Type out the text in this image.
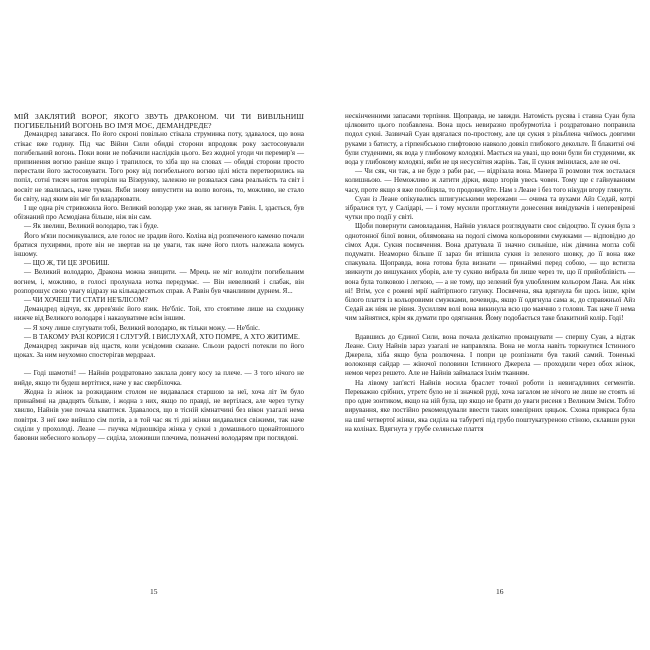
МІЙ ЗАКЛЯТИЙ ВОРОГ, ЯКОГО ЗВУТЬ ДРАКОНОМ. ЧИ ТИ ВИВІЛЬНИШ ПОГИБЕЛЬНИЙ ВОГОНЬ ВО ІМ'Я МОЄ, ДЕМАНДРЕДЕ?

Демандред завагався. По його скроні повільно стікала струминка поту, здавалося, що вона стікає вже годину. Під час Війни Сили обидві сторони впродовж року застосовували погибельний вогонь. Поки вони не побачили наслідків цього. Без жодної угоди чи перемир'я — припинення вогню раніше якщо і трапилося, то хіба що на словах — обидві сторони просто перестали його застосовувати. Тогo року від погибельного вогню цілі міста перетворились на попіл, сотні тисяч ниток вигоріли на Візерунку, залежно не розвалася сама реальність та світ і восвіт не звалилась, наче туман. Якби знову випустити на волю вогонь, то, можливо, не стало би світу, над яким він міг би владарювати.

І ще одна річ стривожила його. Великий володар уже знав, як загинув Равін. І, здається, був обізнаний про Асмодіана більше, ніж він сам.

— Як звелиш, Великий володарю, так і буде.

Його м'язи посмикувалися, але голос не зрадив його. Коліна від розпеченого каменю почали братися пухирями, проте він не звертав на це уваги, так наче його плоть належала комусь іншому.

— ЩО Ж, ТИ ЦЕ ЗРОБИШ.

— Великий володарю, Дракона можна знищити. — Мрець не міг володіти погибельним вогнем, і, можливо, в голосі пролунала нотка передумає. — Він невеликий і слабак, він розпорошує свою увагу відразу на кількадесятьох справ. А Равін був чванливим дурнем. Я...

— ЧИ ХОЧЕШ ТИ СТАТИ НЕ'БЛІСОМ?

Демандред відчув, як дерев'яніє його язик. Не'бліс. Той, хто стоятиме лише на сходинку нижче від Великого володаря і наказуватиме всім іншим.

— Я хочу лише слугувати тобі, Великий володарю, як тільки можу. — Не'бліс.

— В ТАКОМУ РАЗІ КОРИСЯ І СЛУГУЙ. І ВИСЛУХАЙ, ХТО ПОМРЕ, А ХТО ЖИТИМЕ.

Демандред закричав від щастя, коли усвідомив сказане. Сльози радості потекли по його щоках. За ним неухомно спостерігав мердраал.

— Годі шамотні! — Найнів роздратовано заклала довгу косу за плече. — З того нічого не вийде, якщо ти будеш вертітися, наче у вас свербілочка.

Жодна із жінок за розкиданим столом не видавалася старшою за неї, хоча літ їм було принаймні на двадцять більше, і жодна з них, якщо по правді, не вертілася, але через тутку хвилю, Найнів уже почала кваптися. Здавалося, що в тісній кімнатчині без вікон узагалі нема повітря. З неї вже вийшло сім потів, а в той час як ті дві жінки видавалися свіжими, так наче сиділи у прохолоді. Леане — гнучка мідношкіра жінка у сукні з домашнього щонайтоншого бавовни небесного кольору — сиділа, зложивши плечима, позначені володарям при поглядові.

15

нескінченними запасами терпіння. Щоправда, не завжди. Натомість русява і ставна Суан була цілковито цього позбавлена. Вона щось невиразно пробурмотіла і роздратовано поправила подол сукні. Зазвичай Суан вдягалася по-простому, але ця сукня з різьблена чиїмось довгими руками з батисту, а гірпенбською глифтовою навколо довкіл глибокого декольте. Її блакитні очі були студеними, як вода у глибокому колодязі. Мається на увазі, що вони були би студеними, як вода у глибокому колодязі, якби не ця несусвітня жарінь. Так, її сукня змінилася, але не очі.

— Чи сяк, чи так, а не буде з раби рає, — відрізала вона. Манера її розмови теж зосталася колишньою. — Неможливо ж латити дірки, якщо згорів увесь човен. Тому ще є гайнуванням часу, проте якщо я вже пообіцяла, то продовжуйте. Нам з Леане і без того нікуди вгору глянути.

Суан із Леане опікувались шпигунськими мережами — очима та вухами Айз Седай, котрі зібралися тут, у Салідарі, — і тому мусили прогглянути донесення вивідувачів і неперевірені чутки про події у світі.

Щоби повернути самовладання, Найнів узялася розглядувати своє свідоцтво. Її сукня була з однотонної білої вовни, облямована на подолі сімома кольоровими смужками — відповідно до сімох Адж. Сукня посвячення. Вона дратувала її значно сильніше, ніж дівчина могла собі подумати. Неаморно більше її зараз би втішила сукня із зеленого шовку, до її вона вже спакувала. Щоправда, вона готова була визнати — принаймні перед собою, — що встигла звикнути до вишуканих уборів, але ту сукню вибрала би лише через те, що її прийоблівість — вона була толковою і легкою, — а не тому, що зелений був улюбленим кольором Лана. Аж ніяк ні! Втім, усе є рожеві мрії найтірпного гатунку. Посвячена, яка вдягнула би щось інше, крім білого плаття із кольоровими смужками, вочевидь, якщо її одягнула сама ж, до справжньої Айз Седай аж ніяк не рівня. Зусиллям волі вона викинула всю цю маячню з голови. Так наче її нема чим зайнятися, крім як думати про одягнання. Йому подобається таке блакитний колір. Годі!

Вдавшись до Єдиної Сили, вона почала делікатно промацувати — спершу Суан, а відтак Леане. Силу Найнів зараз узагалі не направляла. Вона не могла навіть торкнутися Істинного Джерела, хіба якщо була розлючена. І попри це розпізнати був такий самий. Тоненькі волоконця сайдар — жіночої половини Істинного Джерела — проходили через обох жінок, немов через решето. Але не Найнів займалася їхнім тканням.

На лівому зап'ясті Найнів носила браслет точної роботи із невигадливих сегментів. Переважно срібних, утретє було не зі значкой руді, хоча загалом не нічого не лише не стоять ні про одне зонтиком, якщо на ній була, що якщо не брати до уваги рисеня з Великим Змієм. Тобто вирування, яке постійно рекомендували ввести таких ювелірних цяцьок. Схожа прикраса була на шиї четвертої жінки, яка сиділа на табуреті під грубо поштукатуреною стіною, склавши руки на колінах. Вдягнута у грубе селянське плаття

16
